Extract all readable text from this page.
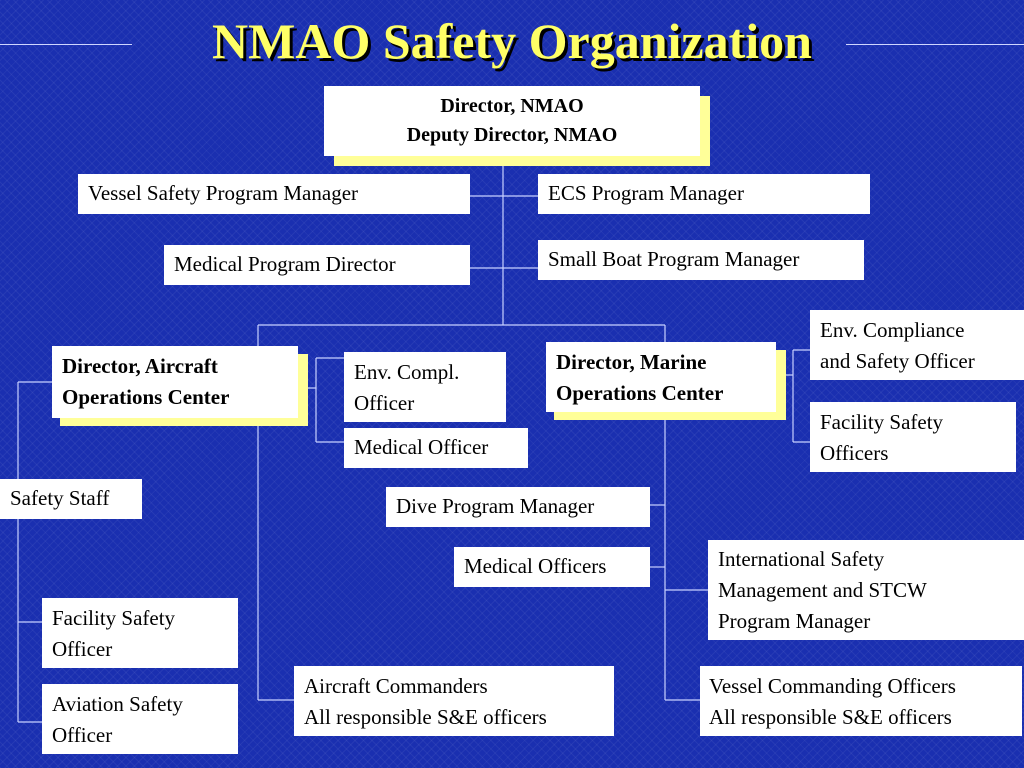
NMAO Safety Organization
Director, NMAO
Deputy Director, NMAO
Vessel Safety Program Manager	ECS Program Manager
Medical Program Director	Small Boat Program Manager
Director, Aircraft
Operations Center
Env. Compl.
Officer
Medical Officer
Director, Marine
Operations Center
Env. Compliance
and Safety Officer
Facility Safety
Officers
Safety Staff
Facility Safety
Officer
Aviation Safety
Officer
Dive Program Manager
Medical Officers	International Safety
Management and STCW
Program Manager
Aircraft Commanders
All responsible S&E officers
Vessel Commanding Officers
All responsible S&E officers
